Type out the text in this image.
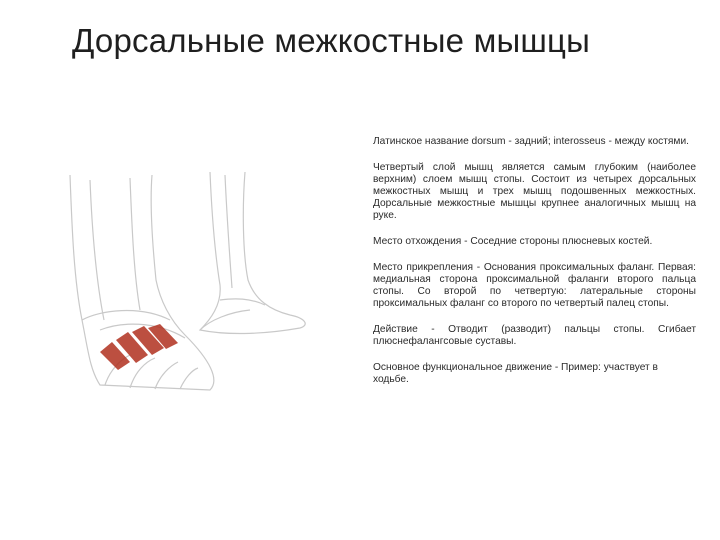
Дорсальные межкостные мышцы

Латинское название dorsum - задний; interosseus - между костями.

Четвертый слой мышц является самым глубоким (наиболее верхним) слоем мышц стопы. Состоит из четырех дорсальных межкостных мышц и трех мышц подошвенных межкостных. Дорсальные межкостные мышцы крупнее аналогичных мышц на руке.

Место отхождения - Соседние стороны плюсневых костей.

Место прикрепления - Основания проксимальных фаланг. Первая: медиальная сторона проксимальной фаланги второго пальца стопы. Со второй по четвертую: латеральные стороны проксимальных фаланг со второго по четвертый палец стопы.

Действие - Отводит (разводит) пальцы стопы. Сгибает плюснефалангсовые суставы.

Основное функциональное движение - Пример: участвует в ходьбе.
